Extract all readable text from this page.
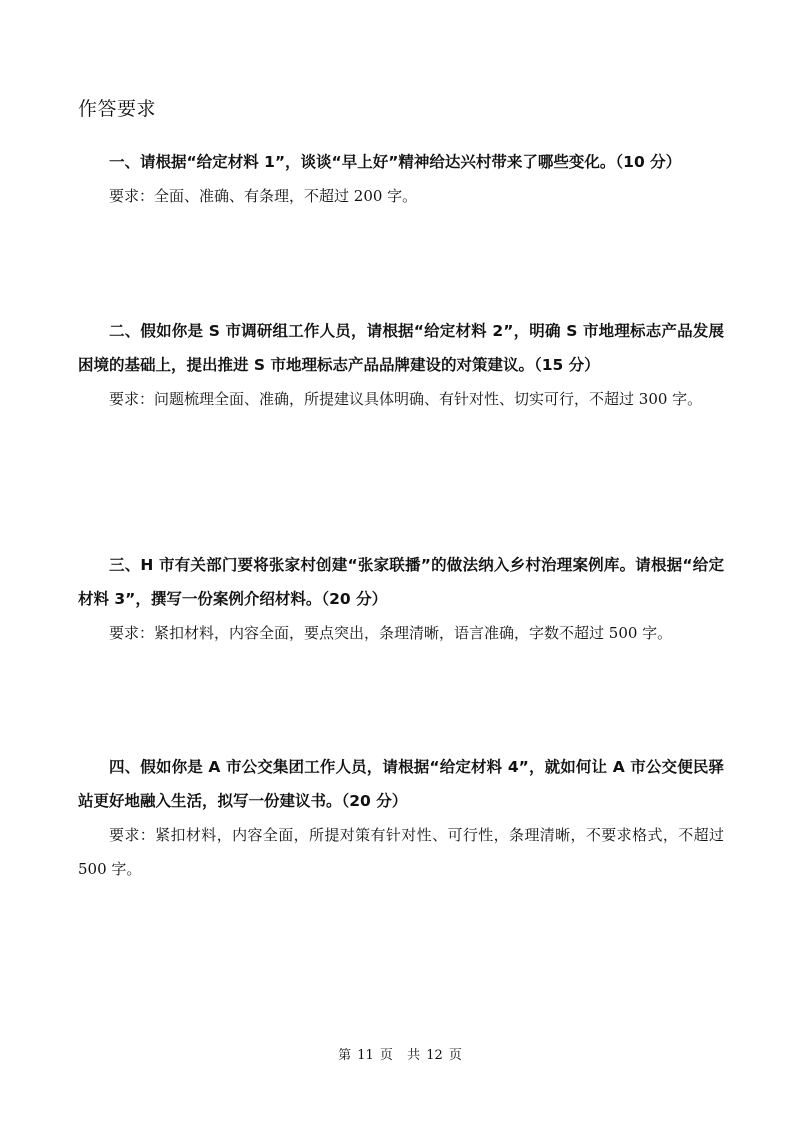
作答要求

一、请根据“给定材料 1”，谈谈“早上好”精神给达兴村带来了哪些变化。（10 分）

要求：全面、准确、有条理，不超过 200 字。

二、假如你是 S 市调研组工作人员，请根据“给定材料 2”，明确 S 市地理标志产品发展困境的基础上，提出推进 S 市地理标志产品品牌建设的对策建议。（15 分）

要求：问题梳理全面、准确，所提建议具体明确、有针对性、切实可行，不超过 300 字。

三、H 市有关部门要将张家村创建“张家联播”的做法纳入乡村治理案例库。请根据“给定材料 3”，撰写一份案例介绍材料。（20 分）

要求：紧扣材料，内容全面，要点突出，条理清晰，语言准确，字数不超过 500 字。

四、假如你是 A 市公交集团工作人员，请根据“给定材料 4”，就如何让 A 市公交便民驿站更好地融入生活，拟写一份建议书。（20 分）

要求：紧扣材料，内容全面，所提对策有针对性、可行性，条理清晰，不要求格式，不超过 500 字。

第 11 页 共 12 页
